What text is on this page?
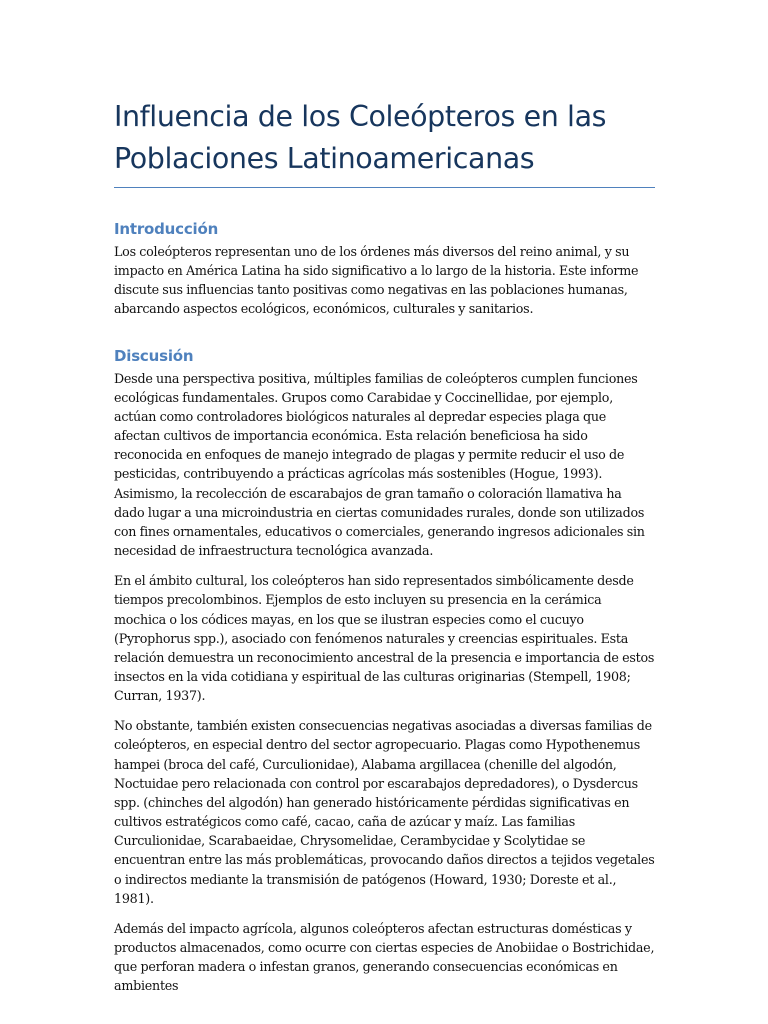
Influencia de los Coleópteros en las Poblaciones Latinoamericanas
Introducción

Los coleópteros representan uno de los órdenes más diversos del reino animal, y su impacto en América Latina ha sido significativo a lo largo de la historia. Este informe discute sus influencias tanto positivas como negativas en las poblaciones humanas, abarcando aspectos ecológicos, económicos, culturales y sanitarios.

Discusión

Desde una perspectiva positiva, múltiples familias de coleópteros cumplen funciones ecológicas fundamentales. Grupos como Carabidae y Coccinellidae, por ejemplo, actúan como controladores biológicos naturales al depredar especies plaga que afectan cultivos de importancia económica. Esta relación beneficiosa ha sido reconocida en enfoques de manejo integrado de plagas y permite reducir el uso de pesticidas, contribuyendo a prácticas agrícolas más sostenibles (Hogue, 1993). Asimismo, la recolección de escarabajos de gran tamaño o coloración llamativa ha dado lugar a una microindustria en ciertas comunidades rurales, donde son utilizados con fines ornamentales, educativos o comerciales, generando ingresos adicionales sin necesidad de infraestructura tecnológica avanzada.

En el ámbito cultural, los coleópteros han sido representados simbólicamente desde tiempos precolombinos. Ejemplos de esto incluyen su presencia en la cerámica mochica o los códices mayas, en los que se ilustran especies como el cucuyo (Pyrophorus spp.), asociado con fenómenos naturales y creencias espirituales. Esta relación demuestra un reconocimiento ancestral de la presencia e importancia de estos insectos en la vida cotidiana y espiritual de las culturas originarias (Stempell, 1908; Curran, 1937).

No obstante, también existen consecuencias negativas asociadas a diversas familias de coleópteros, en especial dentro del sector agropecuario. Plagas como Hypothenemus hampei (broca del café, Curculionidae), Alabama argillacea (chenille del algodón, Noctuidae pero relacionada con control por escarabajos depredadores), o Dysdercus spp. (chinches del algodón) han generado históricamente pérdidas significativas en cultivos estratégicos como café, cacao, caña de azúcar y maíz. Las familias Curculionidae, Scarabaeidae, Chrysomelidae, Cerambycidae y Scolytidae se encuentran entre las más problemáticas, provocando daños directos a tejidos vegetales o indirectos mediante la transmisión de patógenos (Howard, 1930; Doreste et al., 1981).

Además del impacto agrícola, algunos coleópteros afectan estructuras domésticas y productos almacenados, como ocurre con ciertas especies de Anobiidae o Bostrichidae, que perforan madera o infestan granos, generando consecuencias económicas en ambientes
